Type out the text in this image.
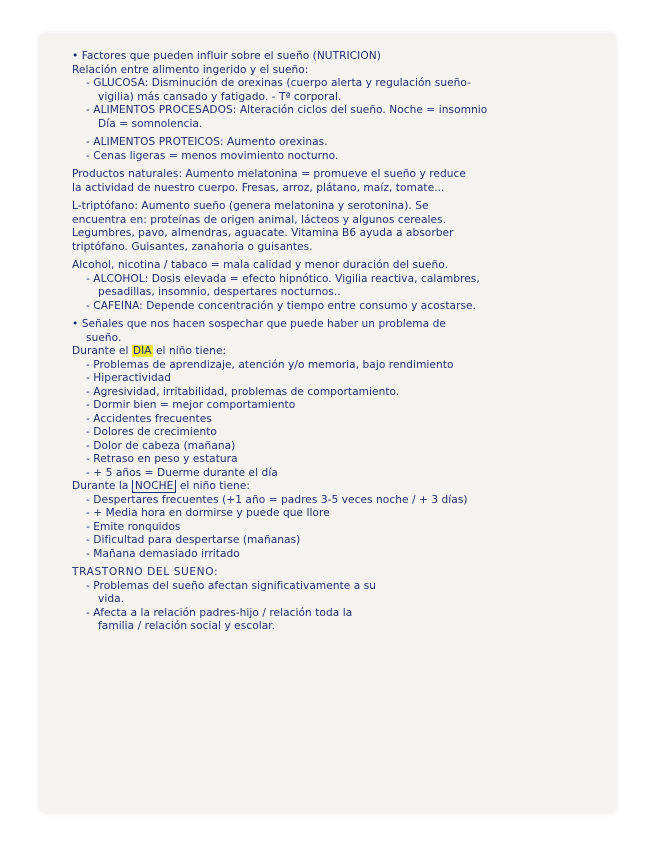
• Factores que pueden influir sobre el sueño (NUTRICIÓN)
Relación entre alimento ingerido y el sueño:
- GLUCOSA: Disminución de orexinas (cuerpo alerta y regulación sueño-
vigilia) más cansado y fatigado. - Tª corporal.
- ALIMENTOS PROCESADOS: Alteración ciclos del sueño. Noche = insomnio
Día = somnolencia.
- ALIMENTOS PROTEICOS: Aumento orexinas.
- Cenas ligeras = menos movimiento nocturno.
Productos naturales: Aumento melatonina = promueve el sueño y reduce
la actividad de nuestro cuerpo. Fresas, arroz, plátano, maíz, tomate...
L-triptófano: Aumento sueño (genera melatonina y serotonina). Se
encuentra en: proteínas de origen animal, lácteos y algunos cereales.
Legumbres, pavo, almendras, aguacate. Vitamina B6 ayuda a absorber
triptófano. Guisantes, zanahoria o guisantes.
Alcohol, nicotina / tabaco = mala calidad y menor duración del sueño.
- ALCOHOL: Dosis elevada = efecto hipnótico. Vigilia reactiva, calambres,
pesadillas, insomnio, despertares nocturnos..
- CAFEÍNA: Depende concentración y tiempo entre consumo y acostarse.
• Señales que nos hacen sospechar que puede haber un problema de
sueño.
Durante el DÍA el niño tiene:
- Problemas de aprendizaje, atención y/o memoria, bajo rendimiento
- Hiperactividad
- Agresividad, irritabilidad, problemas de comportamiento.
- Dormir bien = mejor comportamiento
- Accidentes frecuentes
- Dolores de crecimiento
- Dolor de cabeza (mañana)
- Retraso en peso y estatura
- + 5 años = Duerme durante el día
Durante la NOCHE el niño tiene:
- Despertares frecuentes (+1 año = padres 3-5 veces noche / + 3 días)
- + Media hora en dormirse y puede que llore
- Emite ronquidos
- Dificultad para despertarse (mañanas)
- Mañana demasiado irritado
TRASTORNO DEL SUEÑO:
- Problemas del sueño afectan significativamente a su
vida.
- Afecta a la relación padres-hijo / relación toda la
familia / relación social y escolar.
